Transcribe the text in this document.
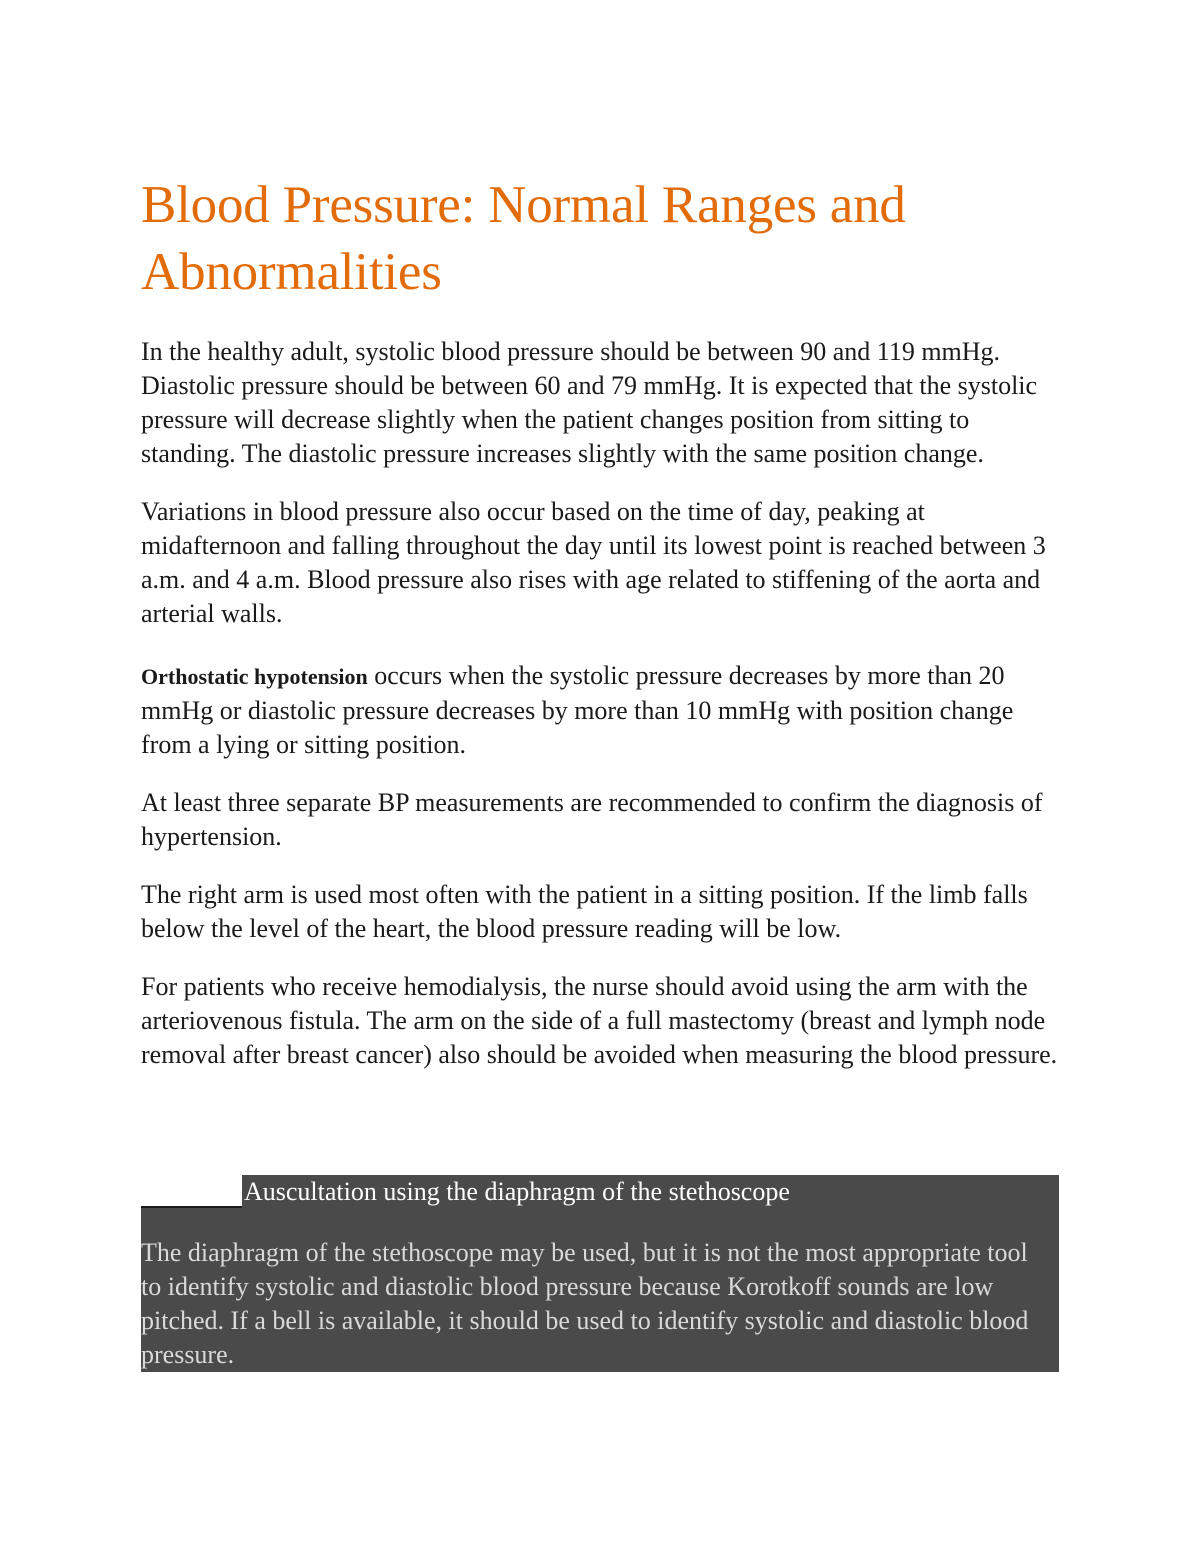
Blood Pressure: Normal Ranges and Abnormalities

In the healthy adult, systolic blood pressure should be between 90 and 119 mmHg. Diastolic pressure should be between 60 and 79 mmHg. It is expected that the systolic pressure will decrease slightly when the patient changes position from sitting to standing. The diastolic pressure increases slightly with the same position change.

Variations in blood pressure also occur based on the time of day, peaking at midafternoon and falling throughout the day until its lowest point is reached between 3 a.m. and 4 a.m. Blood pressure also rises with age related to stiffening of the aorta and arterial walls.

Orthostatic hypotension occurs when the systolic pressure decreases by more than 20 mmHg or diastolic pressure decreases by more than 10 mmHg with position change from a lying or sitting position.

At least three separate BP measurements are recommended to confirm the diagnosis of hypertension.

The right arm is used most often with the patient in a sitting position. If the limb falls below the level of the heart, the blood pressure reading will be low.

For patients who receive hemodialysis, the nurse should avoid using the arm with the arteriovenous fistula. The arm on the side of a full mastectomy (breast and lymph node removal after breast cancer) also should be avoided when measuring the blood pressure.

Auscultation using the diaphragm of the stethoscope

The diaphragm of the stethoscope may be used, but it is not the most appropriate tool to identify systolic and diastolic blood pressure because Korotkoff sounds are low pitched. If a bell is available, it should be used to identify systolic and diastolic blood pressure.
